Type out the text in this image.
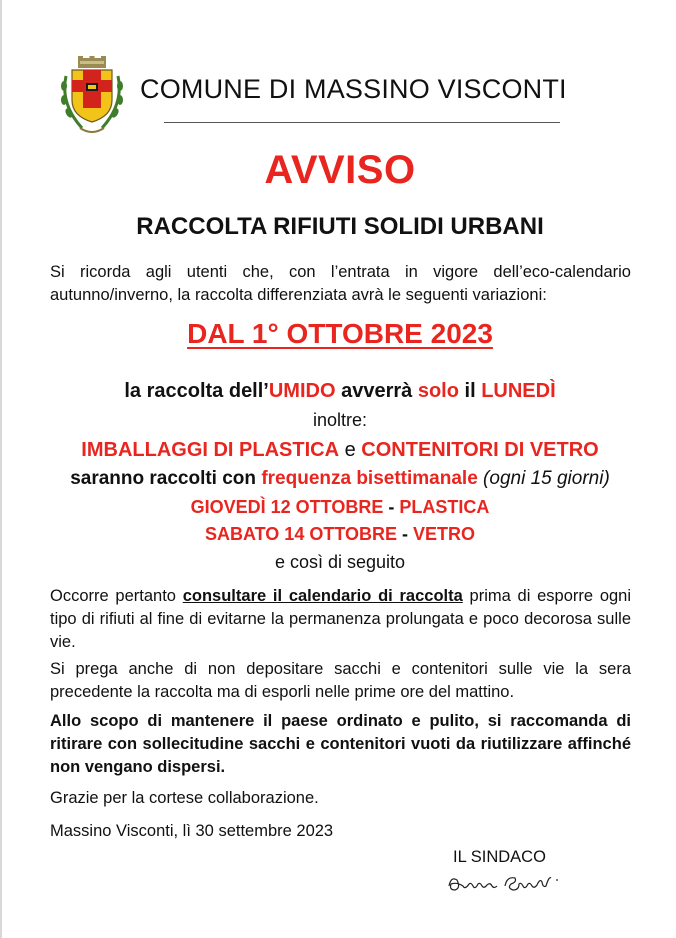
COMUNE DI MASSINO VISCONTI
AVVISO
RACCOLTA RIFIUTI SOLIDI URBANI
Si ricorda agli utenti che, con l’entrata in vigore dell’eco-calendario autunno/inverno, la raccolta differenziata avrà le seguenti variazioni:
DAL 1° OTTOBRE 2023
la raccolta dell’UMIDO avverrà solo il LUNEDÌ
inoltre:
IMBALLAGGI DI PLASTICA e CONTENITORI DI VETRO
saranno raccolti con frequenza bisettimanale (ogni 15 giorni)
GIOVEDÌ 12 OTTOBRE - PLASTICA
SABATO 14 OTTOBRE - VETRO
e così di seguito
Occorre pertanto consultare il calendario di raccolta prima di esporre ogni tipo di rifiuti al fine di evitarne la permanenza prolungata e poco decorosa sulle vie.
Si prega anche di non depositare sacchi e contenitori sulle vie la sera precedente la raccolta ma di esporli nelle prime ore del mattino.
Allo scopo di mantenere il paese ordinato e pulito, si raccomanda di ritirare con sollecitudine sacchi e contenitori vuoti da riutilizzare affinché non vengano dispersi.
Grazie per la cortese collaborazione.
Massino Visconti, lì 30 settembre 2023
IL SINDACO
